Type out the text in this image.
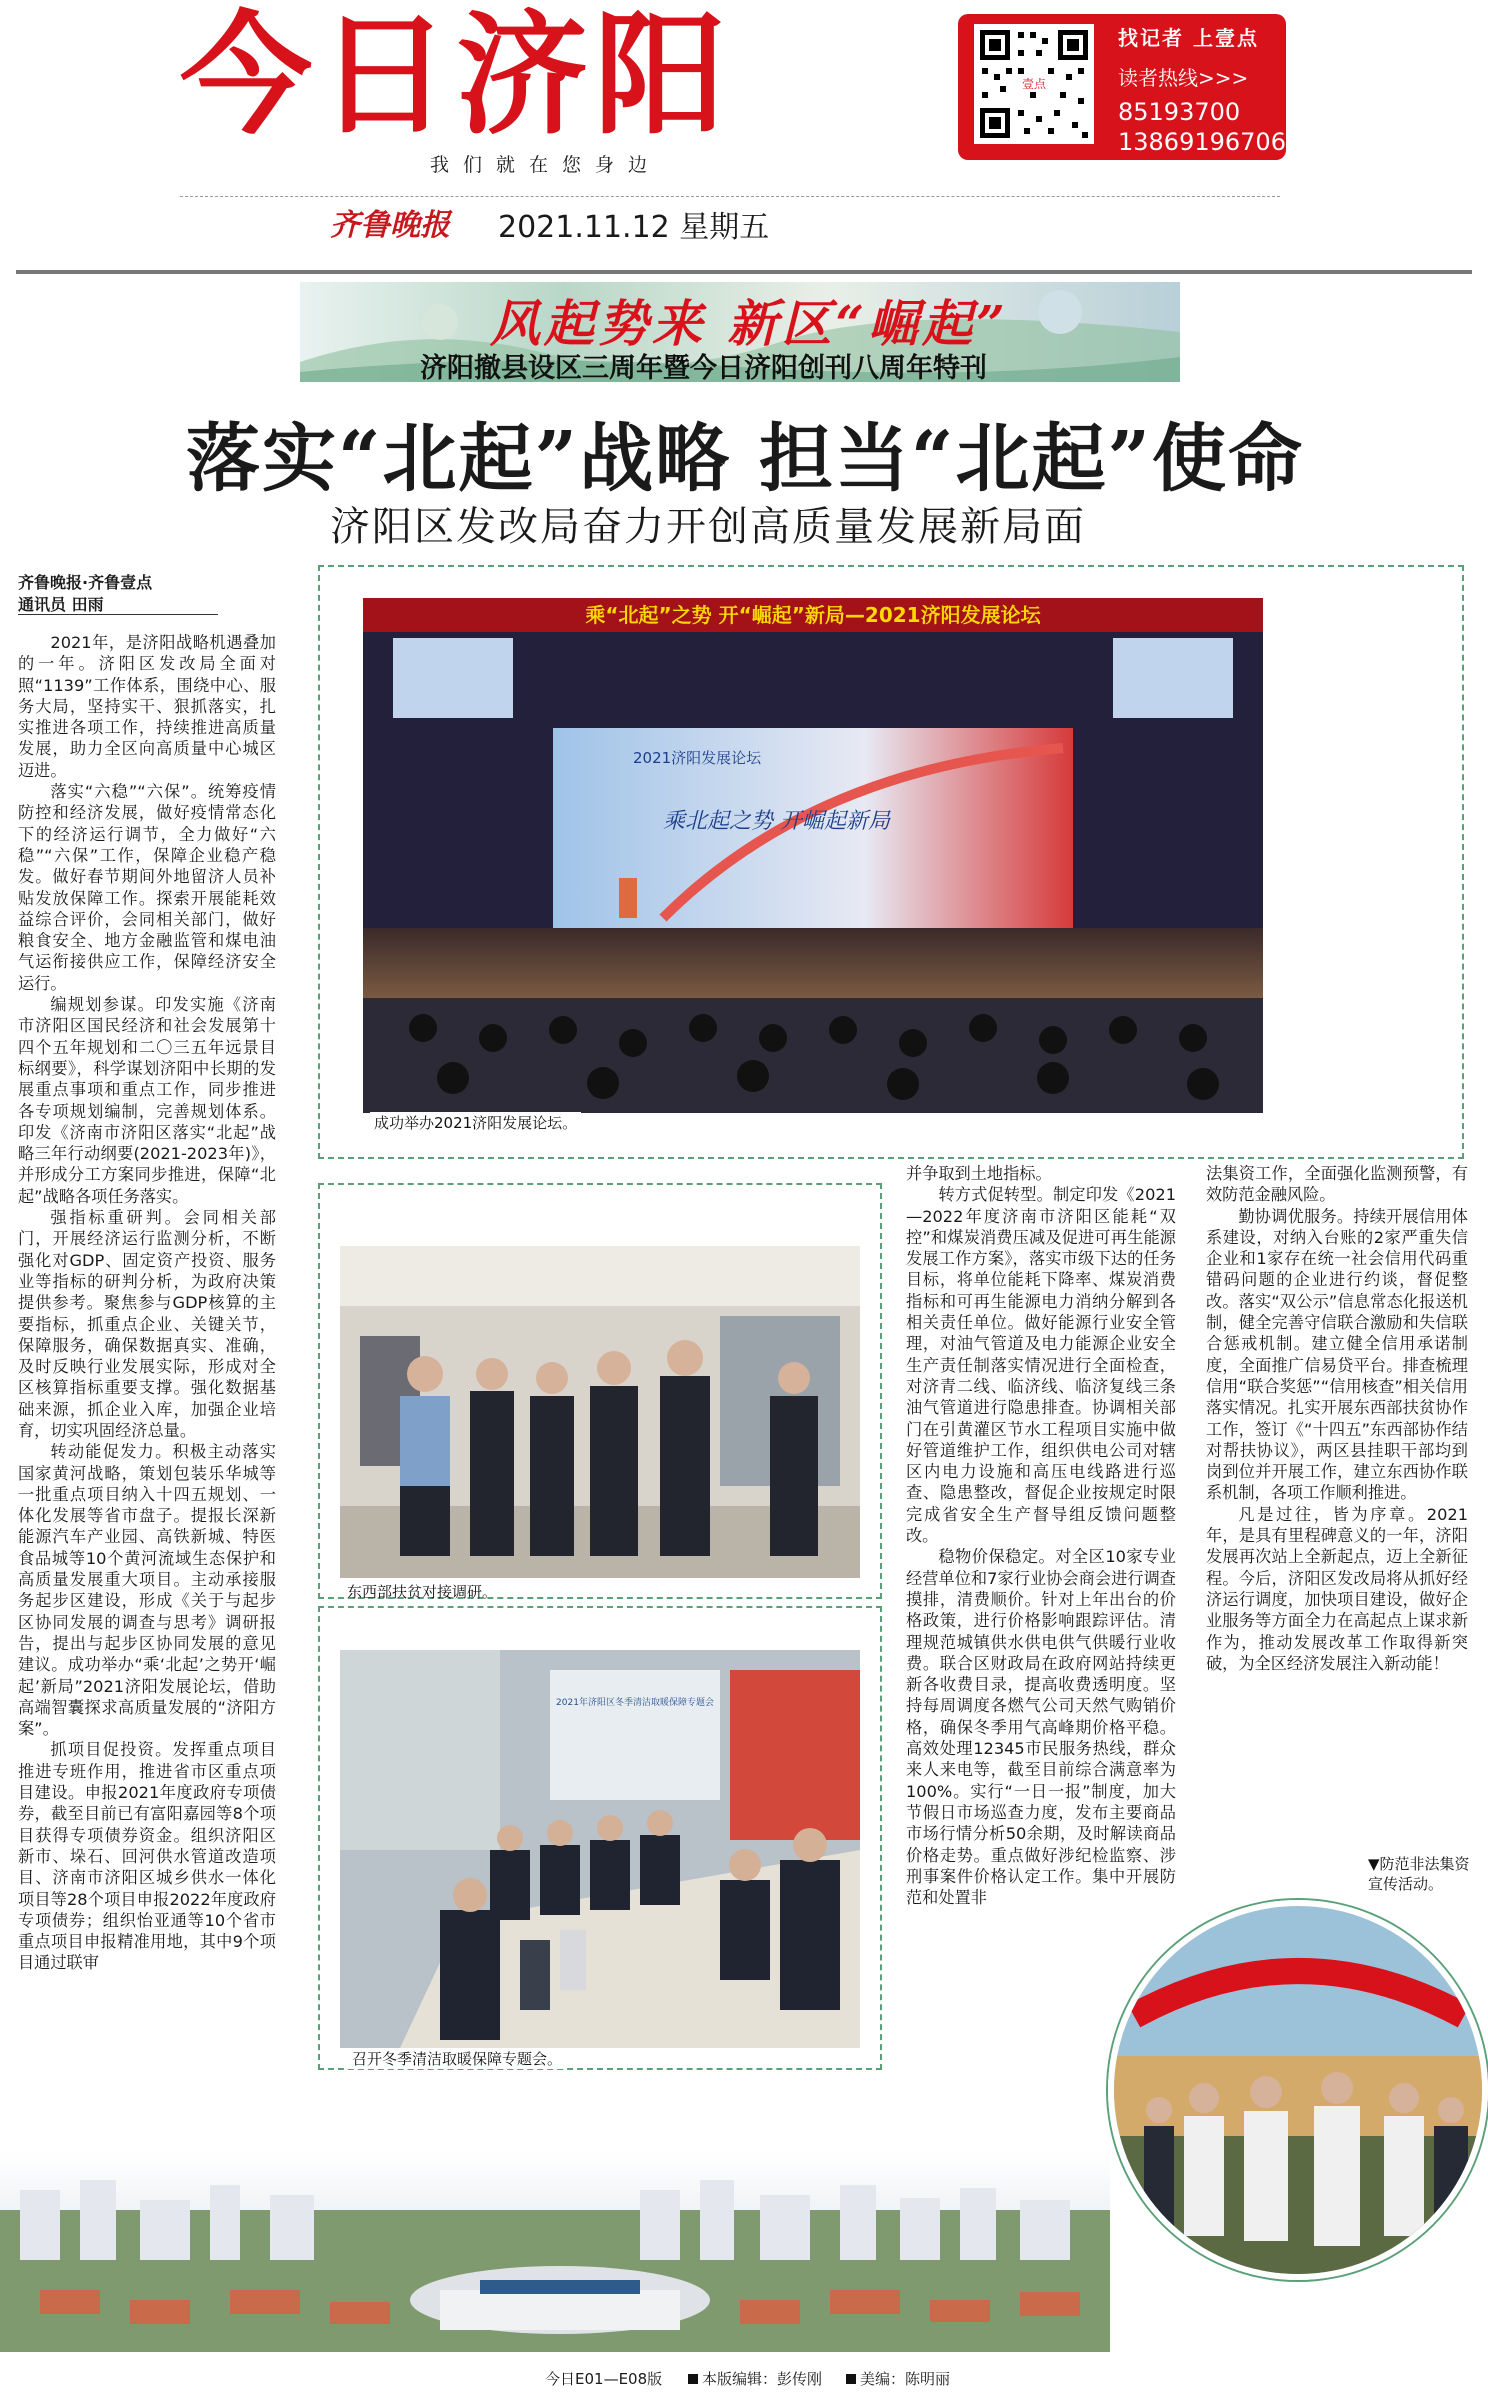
今日济阳
我们就在您身边
齐鲁晚报 2021.11.12 星期五
壹点
找记者 上壹点
读者热线>>>
85193700
13869196706
风起势来 新区“崛起”
济阳撤县设区三周年暨今日济阳创刊八周年特刊
落实“北起”战略 担当“北起”使命
济阳区发改局奋力开创高质量发展新局面
齐鲁晚报·齐鲁壹点
通讯员 田雨

2021年，是济阳战略机遇叠加的一年。济阳区发改局全面对照“1139”工作体系，围绕中心、服务大局，坚持实干、狠抓落实，扎实推进各项工作，持续推进高质量发展，助力全区向高质量中心城区迈进。

落实“六稳”“六保”。统筹疫情防控和经济发展，做好疫情常态化下的经济运行调节，全力做好“六稳”“六保”工作，保障企业稳产稳发。做好春节期间外地留济人员补贴发放保障工作。探索开展能耗效益综合评价，会同相关部门，做好粮食安全、地方金融监管和煤电油气运衔接供应工作，保障经济安全运行。

编规划参谋。印发实施《济南市济阳区国民经济和社会发展第十四个五年规划和二〇三五年远景目标纲要》，科学谋划济阳中长期的发展重点事项和重点工作，同步推进各专项规划编制，完善规划体系。印发《济南市济阳区落实“北起”战略三年行动纲要(2021-2023年)》，并形成分工方案同步推进，保障“北起”战略各项任务落实。

强指标重研判。会同相关部门，开展经济运行监测分析，不断强化对GDP、固定资产投资、服务业等指标的研判分析，为政府决策提供参考。聚焦参与GDP核算的主要指标，抓重点企业、关键关节，保障服务，确保数据真实、准确，及时反映行业发展实际，形成对全区核算指标重要支撑。强化数据基础来源，抓企业入库，加强企业培育，切实巩固经济总量。

转动能促发力。积极主动落实国家黄河战略，策划包装乐华城等一批重点项目纳入十四五规划、一体化发展等省市盘子。提报长深新能源汽车产业园、高铁新城、特医食品城等10个黄河流域生态保护和高质量发展重大项目。主动承接服务起步区建设，形成《关于与起步区协同发展的调查与思考》调研报告，提出与起步区协同发展的意见建议。成功举办“乘‘北起’之势开‘崛起’新局”2021济阳发展论坛，借助高端智囊探求高质量发展的“济阳方案”。

抓项目促投资。发挥重点项目推进专班作用，推进省市区重点项目建设。申报2021年度政府专项债券，截至目前已有富阳嘉园等8个项目获得专项债券资金。组织济阳区新市、垛石、回河供水管道改造项目、济南市济阳区城乡供水一体化项目等28个项目申报2022年度政府专项债券；组织怡亚通等10个省市重点项目申报精准用地，其中9个项目通过联审

乘“北起”之势 开“崛起”新局—2021济阳发展论坛
2021济阳发展论坛
乘北起之势 开崛起新局
成功举办2021济阳发展论坛。
东西部扶贫对接调研。
2021年济阳区冬季清洁取暖保障专题会
召开冬季清洁取暖保障专题会。

并争取到土地指标。

转方式促转型。制定印发《2021—2022年度济南市济阳区能耗“双控”和煤炭消费压减及促进可再生能源发展工作方案》，落实市级下达的任务目标，将单位能耗下降率、煤炭消费指标和可再生能源电力消纳分解到各相关责任单位。做好能源行业安全管理，对油气管道及电力能源企业安全生产责任制落实情况进行全面检查，对济青二线、临济线、临济复线三条油气管道进行隐患排查。协调相关部门在引黄灌区节水工程项目实施中做好管道维护工作，组织供电公司对辖区内电力设施和高压电线路进行巡查、隐患整改，督促企业按规定时限完成省安全生产督导组反馈问题整改。

稳物价保稳定。对全区10家专业经营单位和7家行业协会商会进行调查摸排，清费顺价。针对上年出台的价格政策，进行价格影响跟踪评估。清理规范城镇供水供电供气供暖行业收费。联合区财政局在政府网站持续更新各收费目录，提高收费透明度。坚持每周调度各燃气公司天然气购销价格，确保冬季用气高峰期价格平稳。高效处理12345市民服务热线，群众来人来电等，截至目前综合满意率为100%。实行“一日一报”制度，加大节假日市场巡查力度，发布主要商品市场行情分析50余期，及时解读商品价格走势。重点做好涉纪检监察、涉刑事案件价格认定工作。集中开展防范和处置非

法集资工作，全面强化监测预警，有效防范金融风险。

勤协调优服务。持续开展信用体系建设，对纳入台账的2家严重失信企业和1家存在统一社会信用代码重错码问题的企业进行约谈，督促整改。落实“双公示”信息常态化报送机制，健全完善守信联合激励和失信联合惩戒机制。建立健全信用承诺制度，全面推广信易贷平台。排查梳理信用“联合奖惩”“信用核查”相关信用落实情况。扎实开展东西部扶贫协作工作，签订《“十四五”东西部协作结对帮扶协议》，两区县挂职干部均到岗到位并开展工作，建立东西协作联系机制，各项工作顺利推进。

凡是过往，皆为序章。2021年，是具有里程碑意义的一年，济阳发展再次站上全新起点，迈上全新征程。今后，济阳区发改局将从抓好经济运行调度，加快项目建设，做好企业服务等方面全力在高起点上谋求新作为，推动发展改革工作取得新突破，为全区经济发展注入新动能！

▼防范非法集资宣传活动。
今日E01—E08版	本版编辑：彭传刚	美编：陈明丽
